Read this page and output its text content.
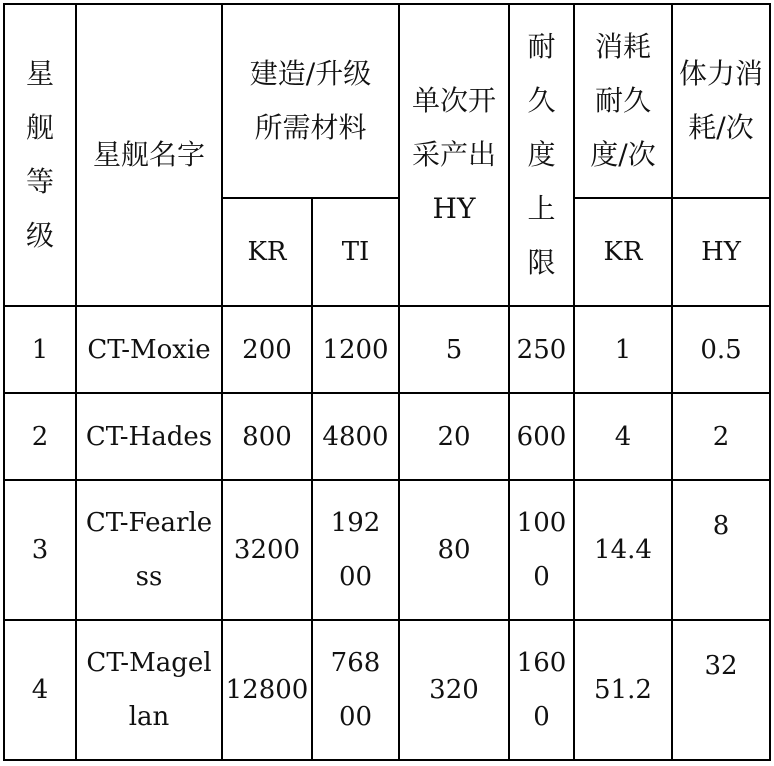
星舰等级	星舰名字	建造/升级所需材料		单次开采产出HY	耐久度上限	消耗耐久度/次	体力消耗/次
		KR	TI			KR	HY
1	CT-Moxie	200	1200	5	250	1	0.5
2	CT-Hades	800	4800	20	600	4	2
3	CT-Fearless	3200	19200	80	1000	14.4	8
4	CT-Magellan	12800	76800	320	1600	51.2	32
